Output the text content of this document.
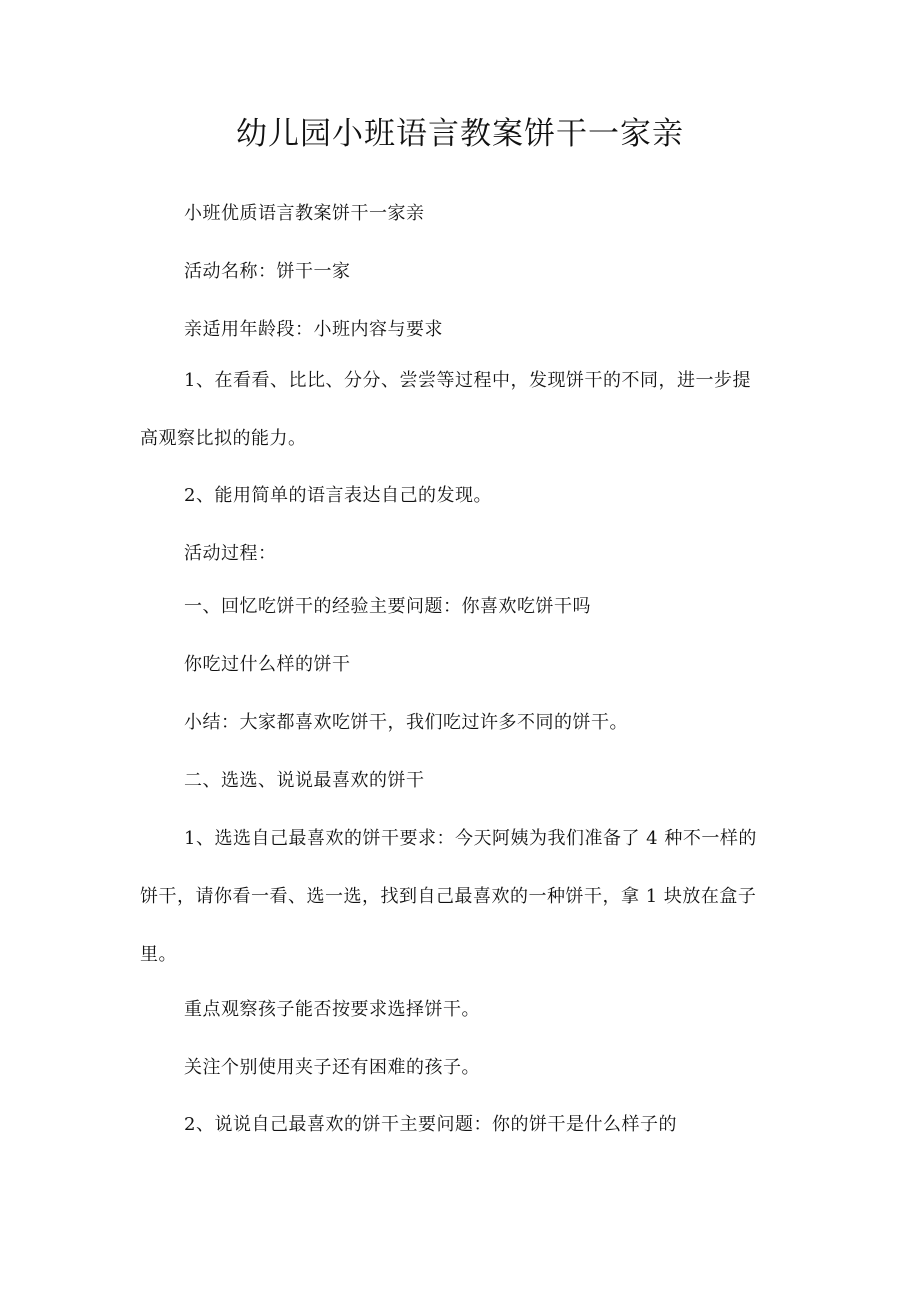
幼儿园小班语言教案饼干一家亲

小班优质语言教案饼干一家亲

活动名称：饼干一家

亲适用年龄段：小班内容与要求

1、在看看、比比、分分、尝尝等过程中，发现饼干的不同，进一步提高观察比拟的能力。

2、能用简单的语言表达自己的发现。

活动过程：

一、回忆吃饼干的经验主要问题：你喜欢吃饼干吗

你吃过什么样的饼干

小结：大家都喜欢吃饼干，我们吃过许多不同的饼干。

二、选选、说说最喜欢的饼干

1、选选自己最喜欢的饼干要求：今天阿姨为我们准备了 4 种不一样的饼干，请你看一看、选一选，找到自己最喜欢的一种饼干，拿 1 块放在盒子里。

重点观察孩子能否按要求选择饼干。

关注个别使用夹子还有困难的孩子。

2、说说自己最喜欢的饼干主要问题：你的饼干是什么样子的
